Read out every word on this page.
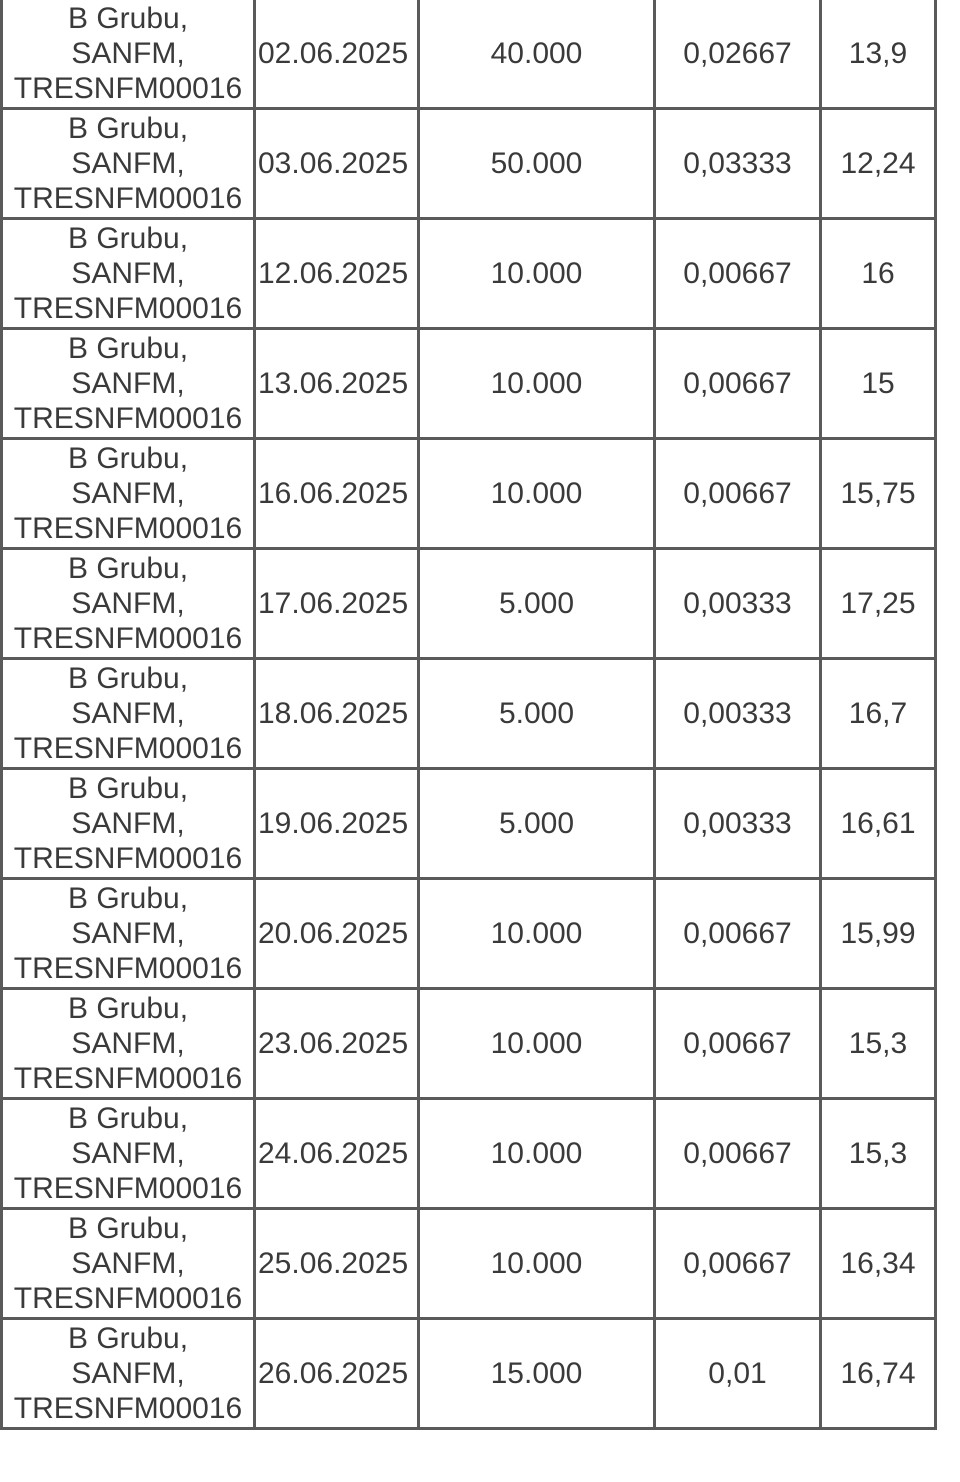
B Grubu,
SANFM,
TRESNFM00016	02.06.2025	40.000	0,02667	13,9

B Grubu,
SANFM,
TRESNFM00016	03.06.2025	50.000	0,03333	12,24

B Grubu,
SANFM,
TRESNFM00016	12.06.2025	10.000	0,00667	16

B Grubu,
SANFM,
TRESNFM00016	13.06.2025	10.000	0,00667	15

B Grubu,
SANFM,
TRESNFM00016	16.06.2025	10.000	0,00667	15,75

B Grubu,
SANFM,
TRESNFM00016	17.06.2025	5.000	0,00333	17,25

B Grubu,
SANFM,
TRESNFM00016	18.06.2025	5.000	0,00333	16,7

B Grubu,
SANFM,
TRESNFM00016	19.06.2025	5.000	0,00333	16,61

B Grubu,
SANFM,
TRESNFM00016	20.06.2025	10.000	0,00667	15,99

B Grubu,
SANFM,
TRESNFM00016	23.06.2025	10.000	0,00667	15,3

B Grubu,
SANFM,
TRESNFM00016	24.06.2025	10.000	0,00667	15,3

B Grubu,
SANFM,
TRESNFM00016	25.06.2025	10.000	0,00667	16,34

B Grubu,
SANFM,
TRESNFM00016	26.06.2025	15.000	0,01	16,74
